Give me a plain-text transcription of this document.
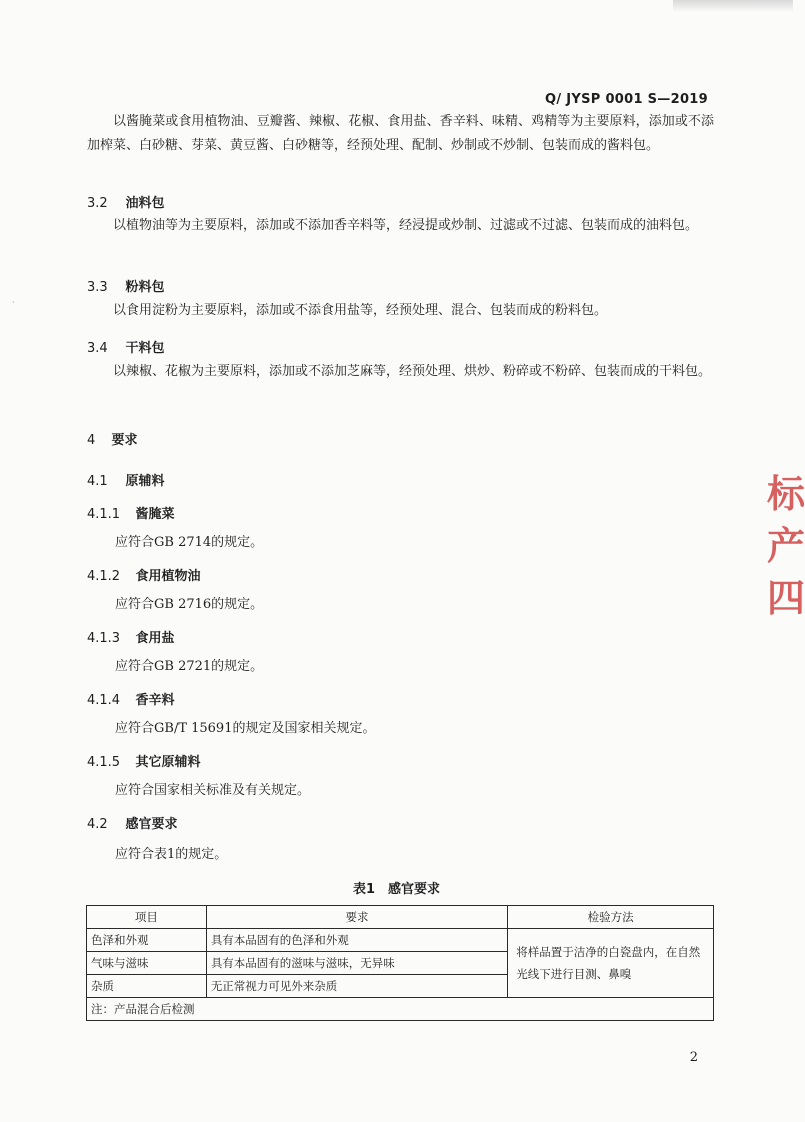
·
Q/ JYSP 0001 S—2019

以酱腌菜或食用植物油、豆瓣酱、辣椒、花椒、食用盐、香辛料、味精、鸡精等为主要原料，添加或不添加榨菜、白砂糖、芽菜、黄豆酱、白砂糖等，经预处理、配制、炒制或不炒制、包装而成的酱料包。

3.2 油料包

以植物油等为主要原料，添加或不添加香辛料等，经浸提或炒制、过滤或不过滤、包装而成的油料包。

3.3 粉料包

以食用淀粉为主要原料，添加或不添食用盐等，经预处理、混合、包装而成的粉料包。

3.4 干料包

以辣椒、花椒为主要原料，添加或不添加芝麻等，经预处理、烘炒、粉碎或不粉碎、包装而成的干料包。

4 要求
4.1 原辅料
4.1.1 酱腌菜
应符合GB 2714的规定。
4.1.2 食用植物油
应符合GB 2716的规定。
4.1.3 食用盐
应符合GB 2721的规定。
4.1.4 香辛料
应符合GB/T 15691的规定及国家相关规定。
4.1.5 其它原辅料
应符合国家相关标准及有关规定。
4.2 感官要求
应符合表1的规定。
表1　感官要求
项目	要求	检验方法
色泽和外观	具有本品固有的色泽和外观	将样品置于洁净的白瓷盘内，在自然光线下进行目测、鼻嗅
气味与滋味	具有本品固有的滋味与滋味，无异味	
杂质	无正常视力可见外来杂质	
注：产品混合后检测		
标产四
2
